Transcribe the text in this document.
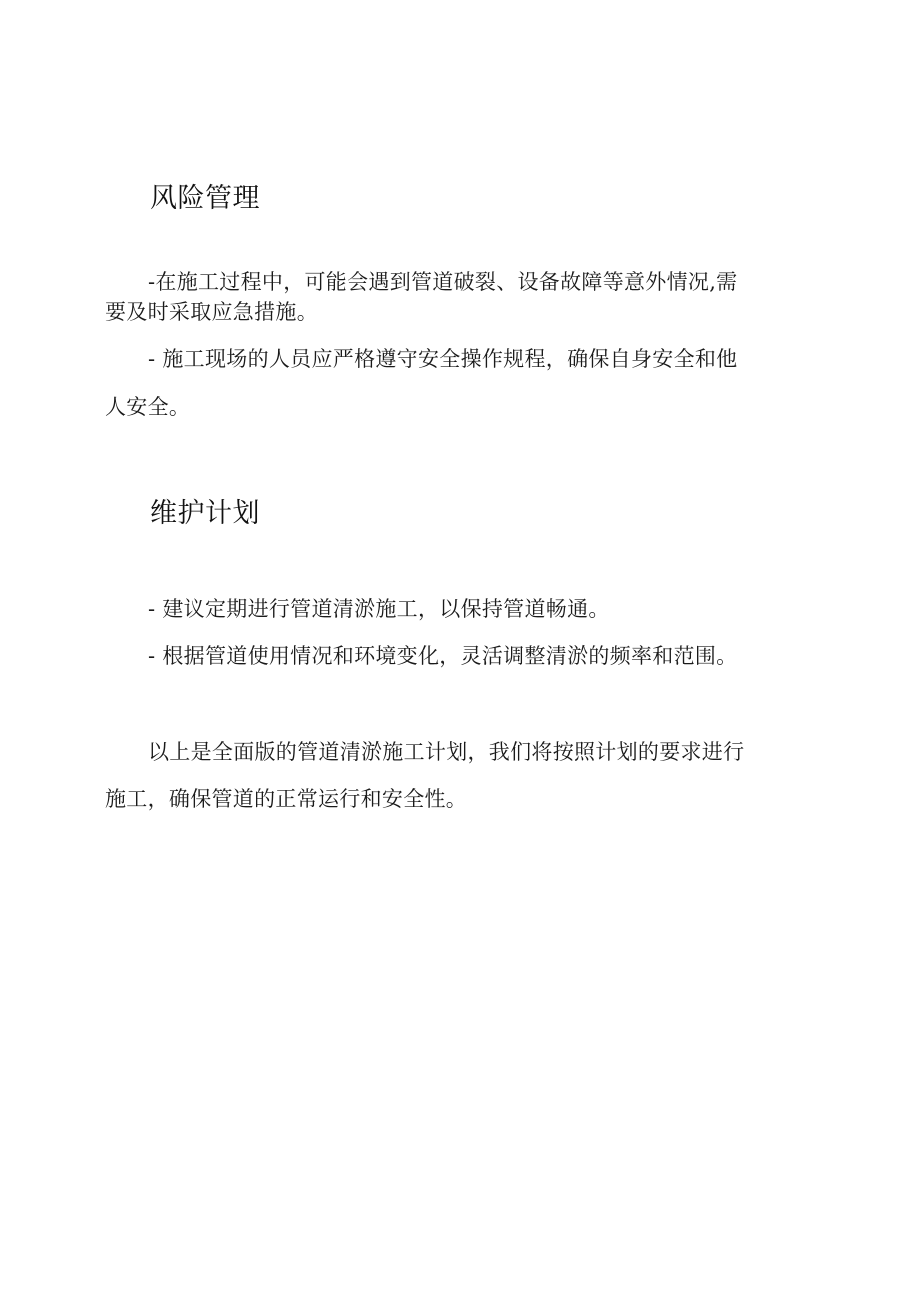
风险管理

-在施工过程中，可能会遇到管道破裂、设备故障等意外情况,需

要及时采取应急措施。

- 施工现场的人员应严格遵守安全操作规程，确保自身安全和他

人安全。

维护计划

- 建议定期进行管道清淤施工，以保持管道畅通。

- 根据管道使用情况和环境变化，灵活调整清淤的频率和范围。

以上是全面版的管道清淤施工计划，我们将按照计划的要求进行

施工，确保管道的正常运行和安全性。
